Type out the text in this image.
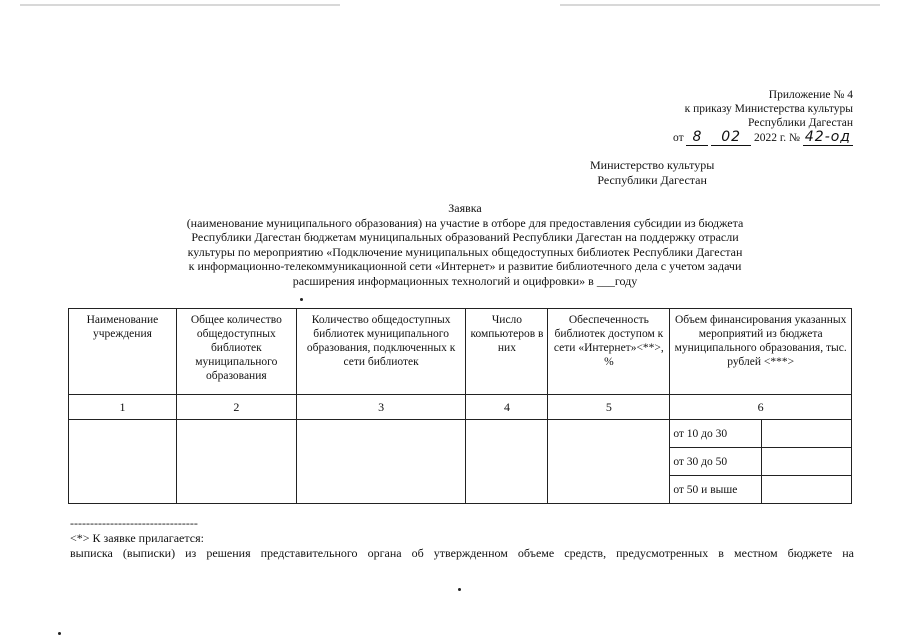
Приложение № 4
к приказу Министерства культуры
Республики Дагестан
от 8 02 2022 г. № 42-од
Министерство культуры
Республики Дагестан
Заявка
(наименование муниципального образования) на участие в отборе для предоставления субсидии из бюджета
Республики Дагестан бюджетам муниципальных образований Республики Дагестан на поддержку отрасли
культуры по мероприятию «Подключение муниципальных общедоступных библиотек Республики Дагестан
к информационно-телекоммуникационной сети «Интернет» и развитие библиотечного дела с учетом задачи
расширения информационных технологий и оцифровки» в ___году
Наименование учреждения	Общее количество общедоступных библиотек муниципального образования	Количество общедоступных библиотек муниципального образования, подключенных к сети библиотек	Число компьютеров в них	Обеспеченность библиотек доступом к сети «Интернет»<**>, %	Объем финансирования указанных мероприятий из бюджета муниципального образования, тыс. рублей <***>	
1	2	3	4	5	6	
					от 10 до 30	
					от 30 до 50	
					от 50 и выше	
--------------------------------
<*> К заявке прилагается:
выписка (выписки) из решения представительного органа об утвержденном объеме средств, предусмотренных в местном бюджете на
